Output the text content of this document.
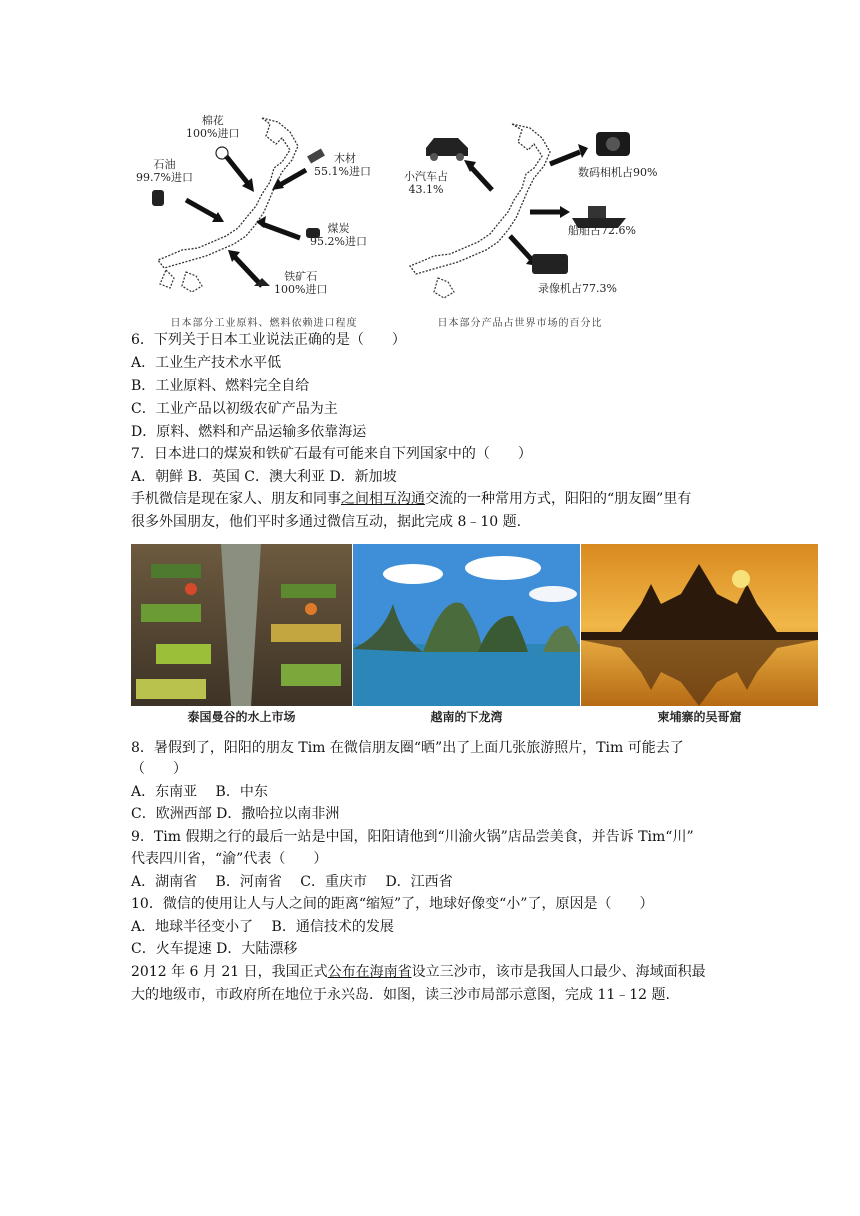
棉花
100%进口
石油
99.7%进口
木材
55.1%进口
煤炭
95.2%进口
铁矿石
100%进口
日本部分工业原料、燃料依赖进口程度
小汽车占
43.1%
数码相机占90%
船舶占72.6%
录像机占77.3%
日本部分产品占世界市场的百分比
6．下列关于日本工业说法正确的是（　　）
A．工业生产技术水平低
B．工业原料、燃料完全自给
C．工业产品以初级农矿产品为主
D．原料、燃料和产品运输多依靠海运
7．日本进口的煤炭和铁矿石最有可能来自下列国家中的（　　）
A．朝鲜 B．英国 C．澳大利亚 D．新加坡
手机微信是现在家人、朋友和同事之间相互沟通交流的一种常用方式，阳阳的“朋友圈”里有
很多外国朋友，他们平时多通过微信互动，据此完成 8﹣10 题.
泰国曼谷的水上市场	越南的下龙湾	柬埔寨的吴哥窟
8．暑假到了，阳阳的朋友 Tim 在微信朋友圈“晒”出了上面几张旅游照片，Tim 可能去了
（　　）
A．东南亚　 B．中东
C．欧洲西部 D．撒哈拉以南非洲
9．Tim 假期之行的最后一站是中国，阳阳请他到“川渝火锅”店品尝美食，并告诉 Tim“川”
代表四川省，“渝”代表（　　）
A．湖南省　 B．河南省　 C．重庆市　 D．江西省
10．微信的使用让人与人之间的距离“缩短”了，地球好像变“小”了，原因是（　　）
A．地球半径变小了　 B．通信技术的发展
C．火车提速 D．大陆漂移
2012 年 6 月 21 日，我国正式公布在海南省设立三沙市，该市是我国人口最少、海域面积最
大的地级市，市政府所在地位于永兴岛．如图，读三沙市局部示意图，完成 11﹣12 题.
